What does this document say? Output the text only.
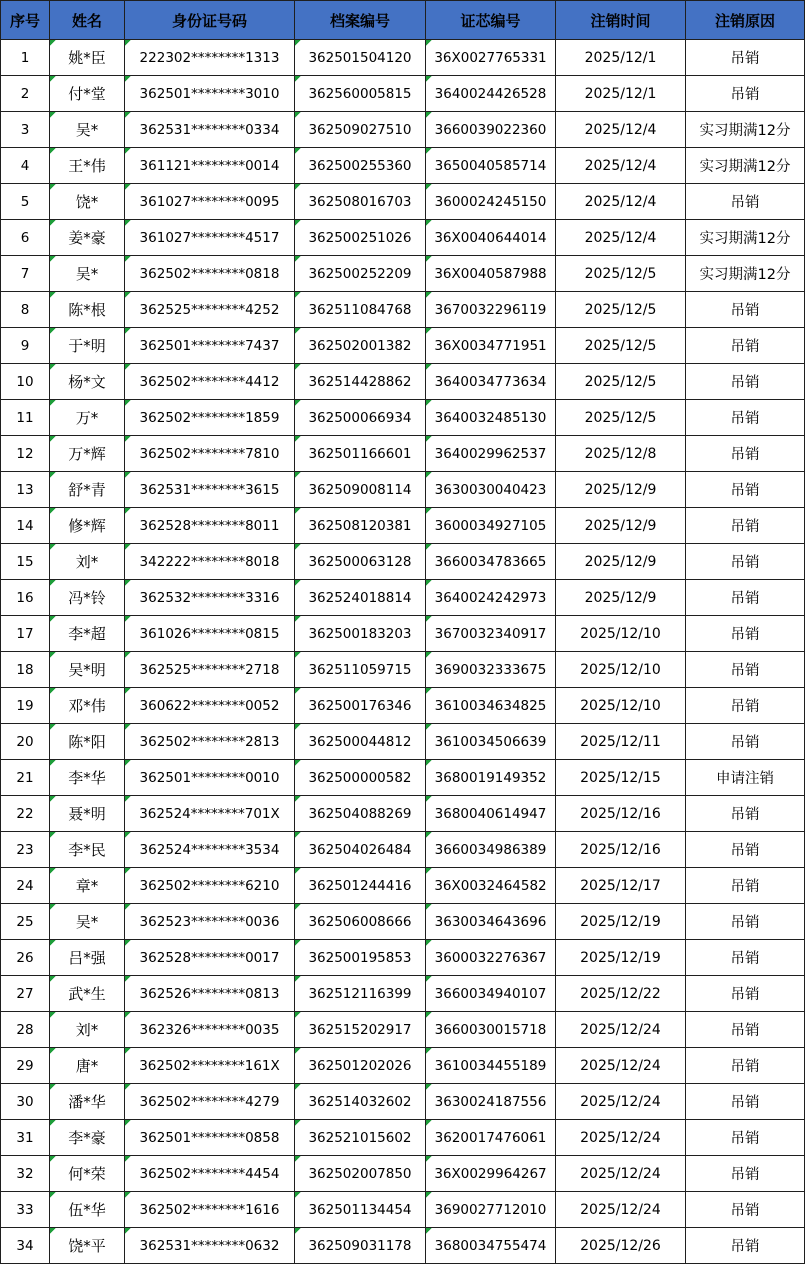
序号	姓名	身份证号码	档案编号	证芯编号	注销时间	注销原因
1	姚*臣	222302********1313	362501504120	36X0027765331	2025/12/1	吊销
2	付*堂	362501********3010	362560005815	3640024426528	2025/12/1	吊销
3	吴*	362531********0334	362509027510	3660039022360	2025/12/4	实习期满12分
4	王*伟	361121********0014	362500255360	3650040585714	2025/12/4	实习期满12分
5	饶*	361027********0095	362508016703	3600024245150	2025/12/4	吊销
6	姜*豪	361027********4517	362500251026	36X0040644014	2025/12/4	实习期满12分
7	吴*	362502********0818	362500252209	36X0040587988	2025/12/5	实习期满12分
8	陈*根	362525********4252	362511084768	3670032296119	2025/12/5	吊销
9	于*明	362501********7437	362502001382	36X0034771951	2025/12/5	吊销
10	杨*文	362502********4412	362514428862	3640034773634	2025/12/5	吊销
11	万*	362502********1859	362500066934	3640032485130	2025/12/5	吊销
12	万*辉	362502********7810	362501166601	3640029962537	2025/12/8	吊销
13	舒*青	362531********3615	362509008114	3630030040423	2025/12/9	吊销
14	修*辉	362528********8011	362508120381	3600034927105	2025/12/9	吊销
15	刘*	342222********8018	362500063128	3660034783665	2025/12/9	吊销
16	冯*铃	362532********3316	362524018814	3640024242973	2025/12/9	吊销
17	李*超	361026********0815	362500183203	3670032340917	2025/12/10	吊销
18	吴*明	362525********2718	362511059715	3690032333675	2025/12/10	吊销
19	邓*伟	360622********0052	362500176346	3610034634825	2025/12/10	吊销
20	陈*阳	362502********2813	362500044812	3610034506639	2025/12/11	吊销
21	李*华	362501********0010	362500000582	3680019149352	2025/12/15	申请注销
22	聂*明	362524********701X	362504088269	3680040614947	2025/12/16	吊销
23	李*民	362524********3534	362504026484	3660034986389	2025/12/16	吊销
24	章*	362502********6210	362501244416	36X0032464582	2025/12/17	吊销
25	吴*	362523********0036	362506008666	3630034643696	2025/12/19	吊销
26	吕*强	362528********0017	362500195853	3600032276367	2025/12/19	吊销
27	武*生	362526********0813	362512116399	3660034940107	2025/12/22	吊销
28	刘*	362326********0035	362515202917	3660030015718	2025/12/24	吊销
29	唐*	362502********161X	362501202026	3610034455189	2025/12/24	吊销
30	潘*华	362502********4279	362514032602	3630024187556	2025/12/24	吊销
31	李*豪	362501********0858	362521015602	3620017476061	2025/12/24	吊销
32	何*荣	362502********4454	362502007850	36X0029964267	2025/12/24	吊销
33	伍*华	362502********1616	362501134454	3690027712010	2025/12/24	吊销
34	饶*平	362531********0632	362509031178	3680034755474	2025/12/26	吊销
